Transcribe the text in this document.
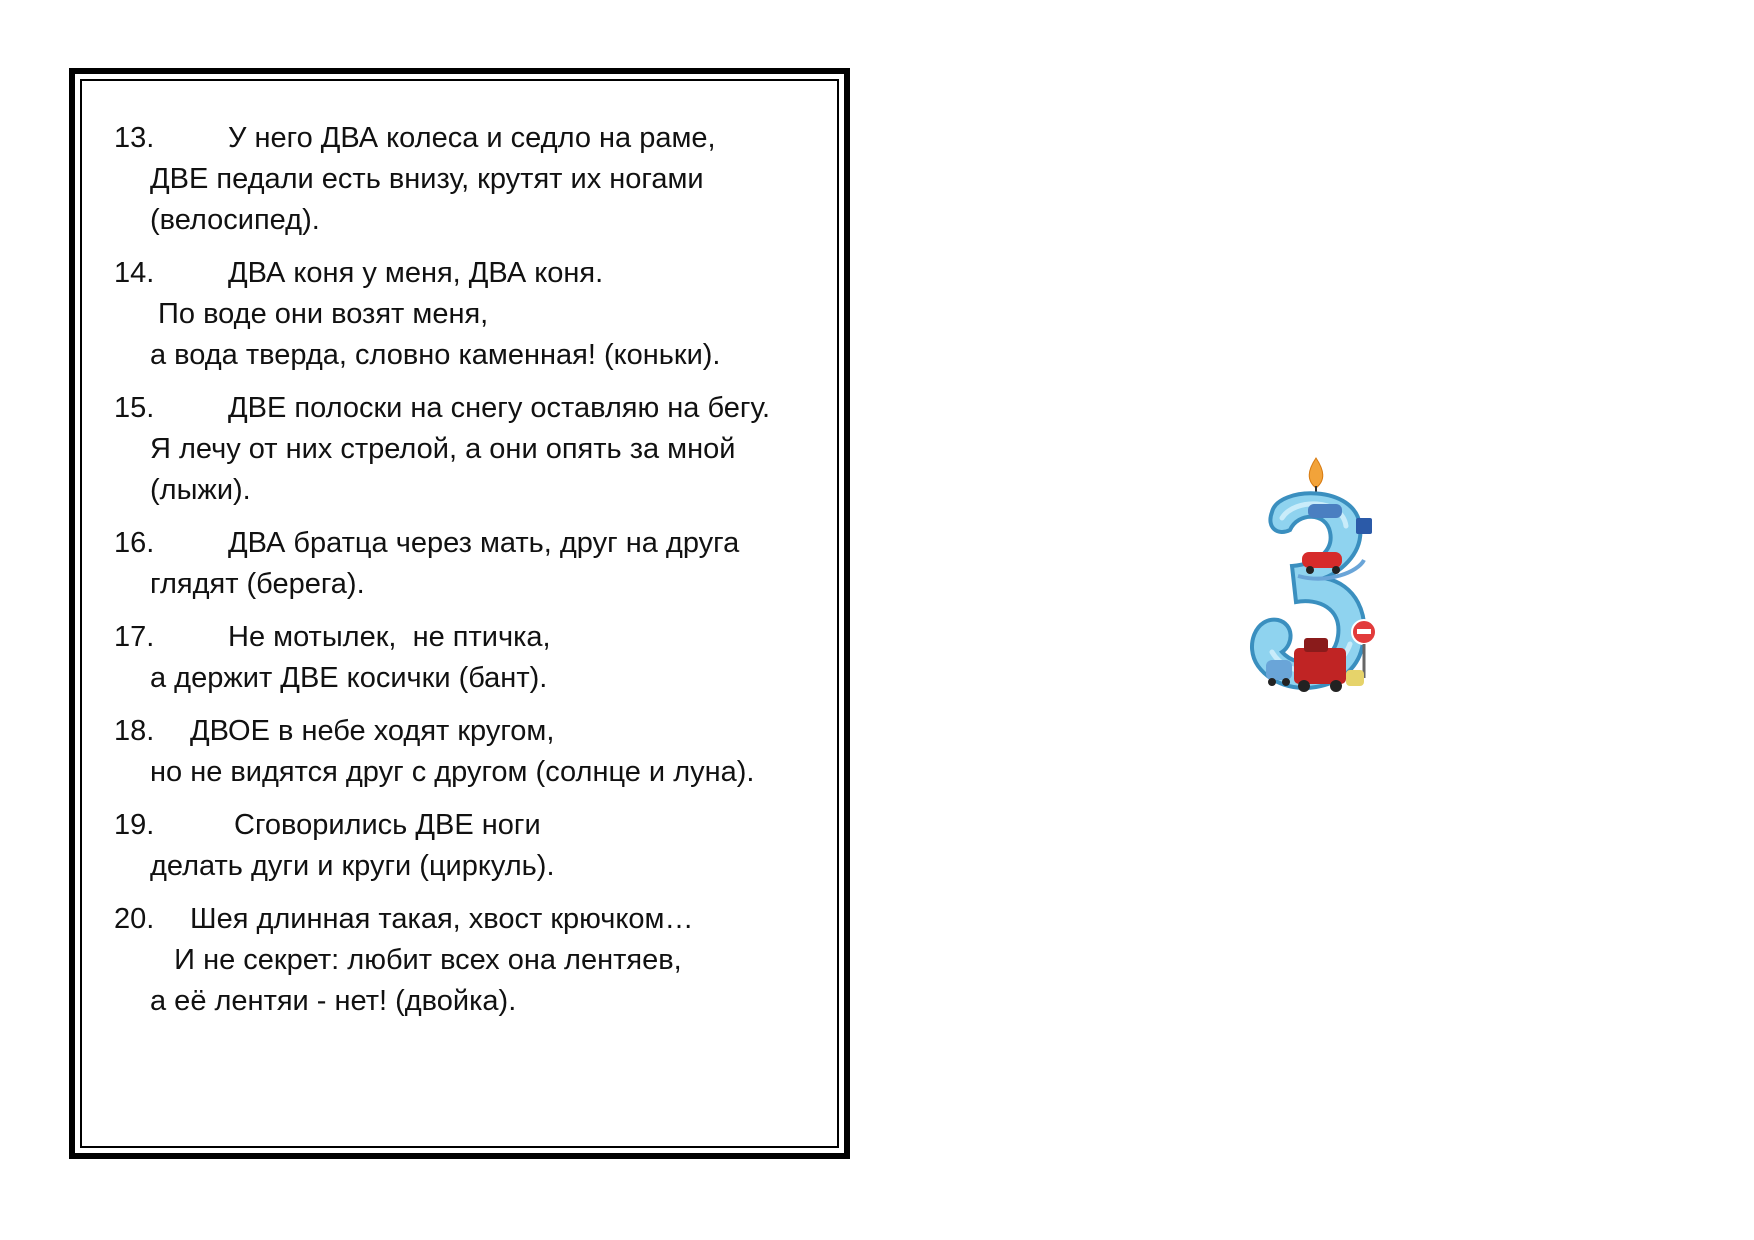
13.	У него ДВА колеса и седло на раме,
ДВЕ педали есть внизу, крутят их ногами
(велосипед).
14.	ДВА коня у меня, ДВА коня.
По воде они возят меня,
а вода тверда, словно каменная! (коньки).
15.	ДВЕ полоски на снегу оставляю на бегу.
Я лечу от них стрелой, а они опять за мной
(лыжи).
16.	ДВА братца через мать, друг на друга
глядят (берега).
17.	Не мотылек,  не птичка,
а держит ДВЕ косички (бант).
18. ДВОЕ в небе ходят кругом,
но не видятся друг с другом (солнце и луна).
19.	Сговорились ДВЕ ноги
делать дуги и круги (циркуль).
20. Шея длинная такая, хвост крючком…
И не секрет: любит всех она лентяев,
а её лентяи - нет! (двойка).
